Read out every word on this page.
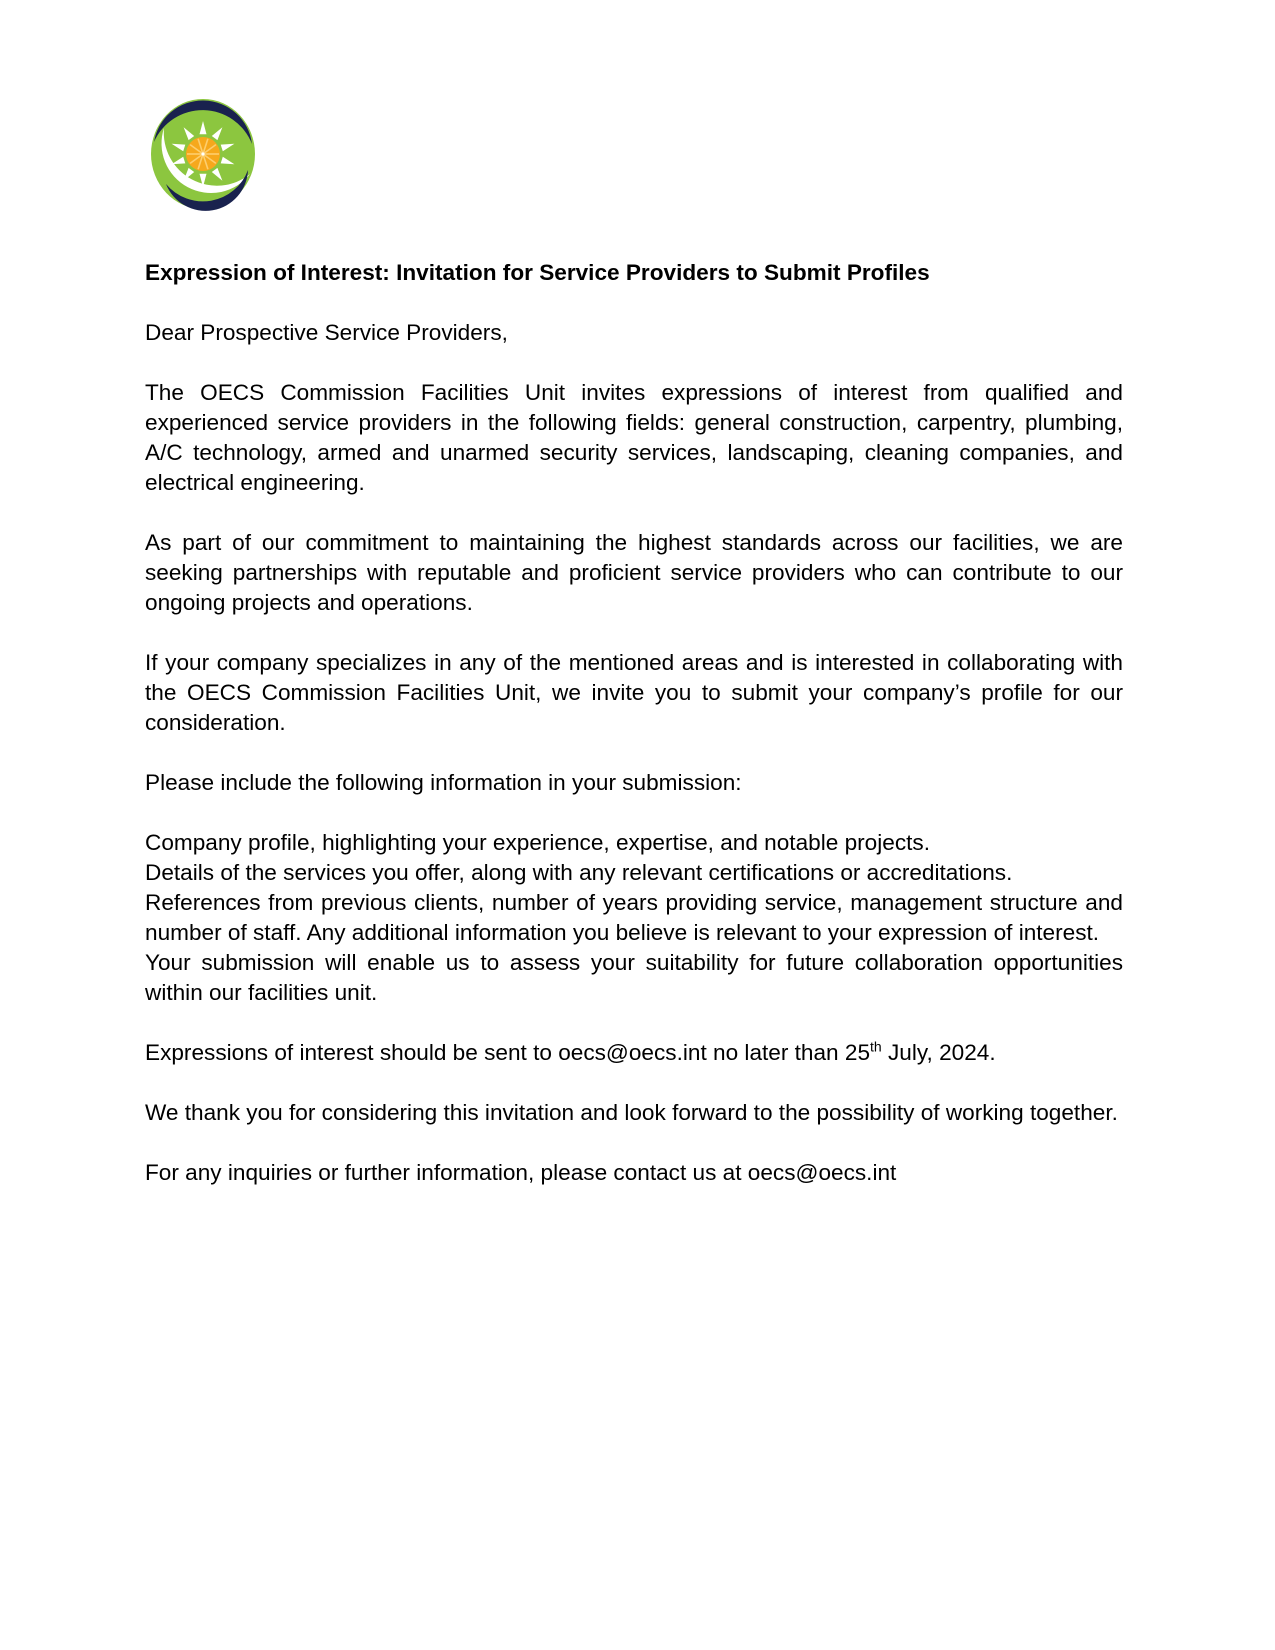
Expression of Interest: Invitation for Service Providers to Submit Profiles

Dear Prospective Service Providers,

The OECS Commission Facilities Unit invites expressions of interest from qualified and experienced service providers in the following fields: general construction, carpentry, plumbing, A/C technology, armed and unarmed security services, landscaping, cleaning companies, and electrical engineering.

As part of our commitment to maintaining the highest standards across our facilities, we are seeking partnerships with reputable and proficient service providers who can contribute to our ongoing projects and operations.

If your company specializes in any of the mentioned areas and is interested in collaborating with the OECS Commission Facilities Unit, we invite you to submit your company’s profile for our consideration.

Please include the following information in your submission:

Company profile, highlighting your experience, expertise, and notable projects.

Details of the services you offer, along with any relevant certifications or accreditations.

References from previous clients, number of years providing service, management structure and number of staff. Any additional information you believe is relevant to your expression of interest.

Your submission will enable us to assess your suitability for future collaboration opportunities within our facilities unit.

Expressions of interest should be sent to oecs@oecs.int no later than 25th July, 2024.

We thank you for considering this invitation and look forward to the possibility of working together.

For any inquiries or further information, please contact us at oecs@oecs.int
